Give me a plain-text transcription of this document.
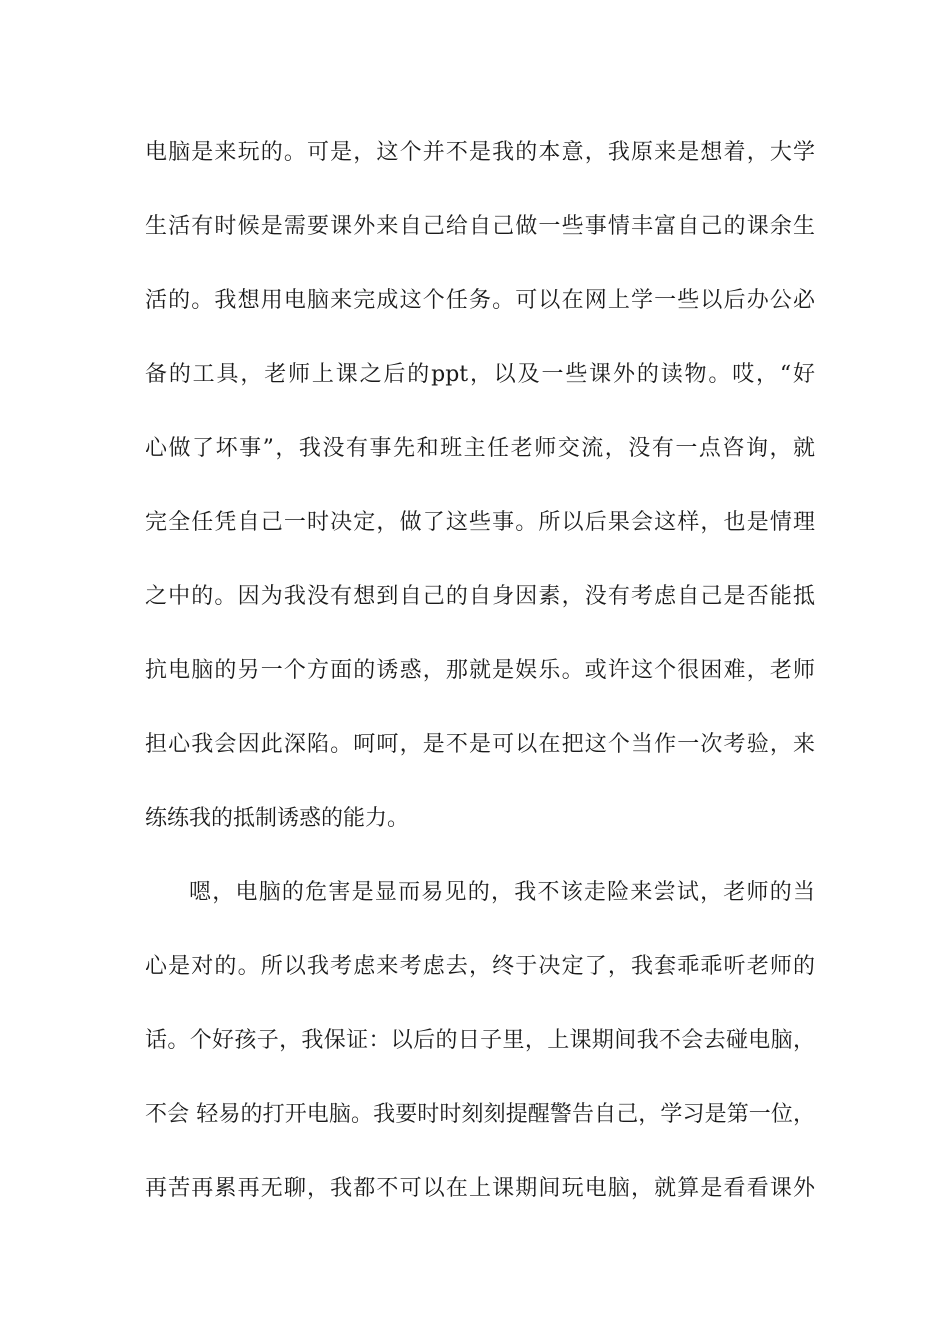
电脑是来玩的。可是，这个并不是我的本意，我原来是想着，大学
生活有时候是需要课外来自己给自己做一些事情丰富自己的课余生
活的。我想用电脑来完成这个任务。可以在网上学一些以后办公必
备的工具，老师上课之后的ppt，以及一些课外的读物。哎，“好
心做了坏事”，我没有事先和班主任老师交流，没有一点咨询，就
完全任凭自己一时决定，做了这些事。所以后果会这样，也是情理
之中的。因为我没有想到自己的自身因素，没有考虑自己是否能抵
抗电脑的另一个方面的诱惑，那就是娱乐。或许这个很困难，老师
担心我会因此深陷。呵呵，是不是可以在把这个当作一次考验，来
练练我的抵制诱惑的能力。
嗯，电脑的危害是显而易见的，我不该走险来尝试，老师的当
心是对的。所以我考虑来考虑去，终于决定了，我套乖乖听老师的
话。个好孩子，我保证：以后的日子里，上课期间我不会去碰电脑，
不会 轻易的打开电脑。我要时时刻刻提醒警告自己，学习是第一位，
再苦再累再无聊，我都不可以在上课期间玩电脑，就算是看看课外
